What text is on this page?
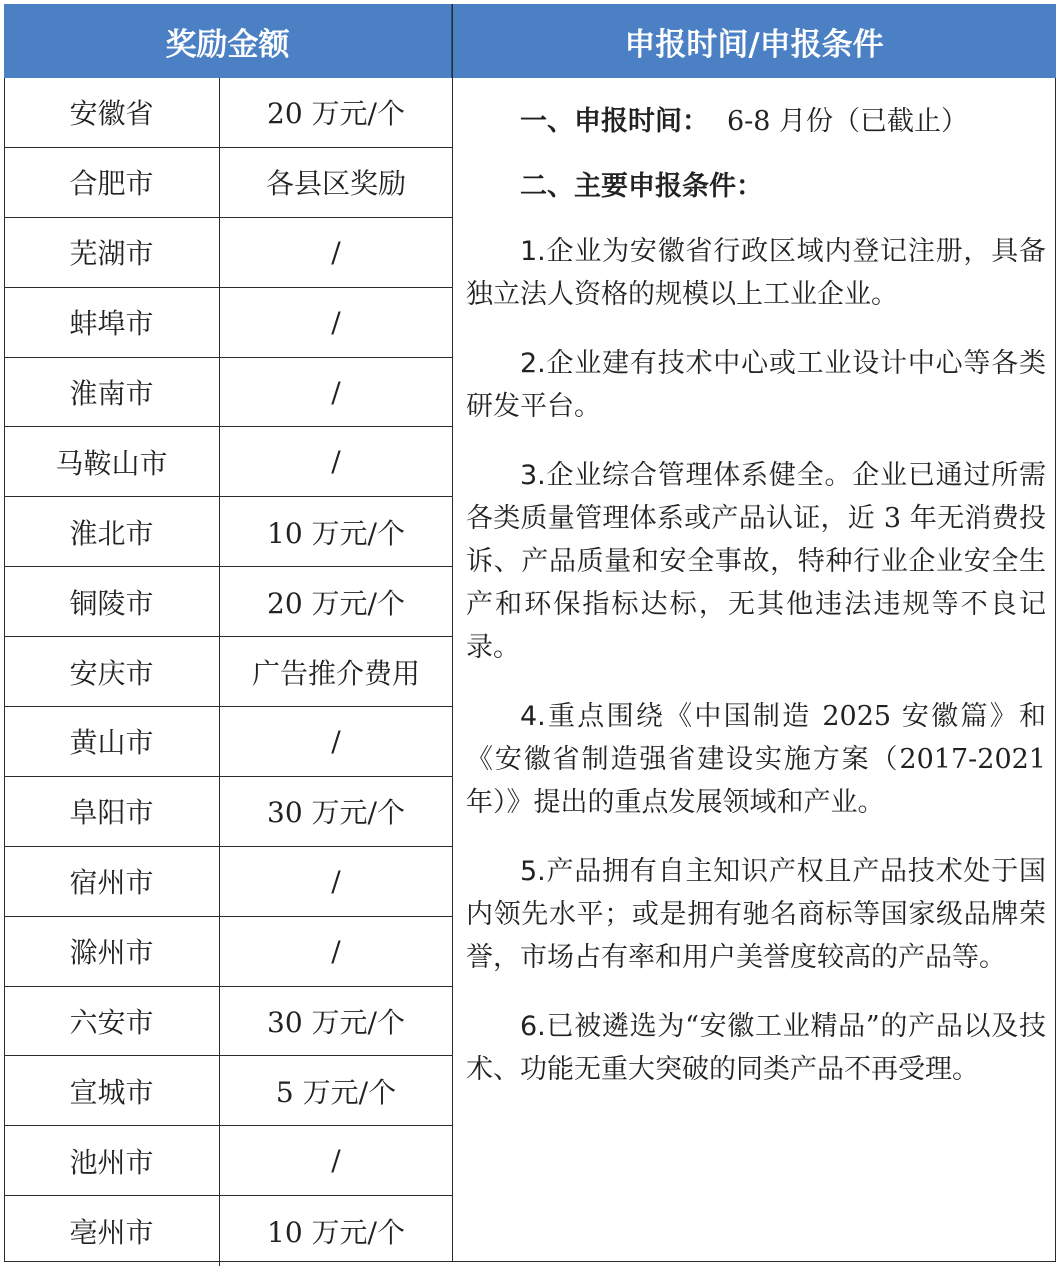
奖励金额	申报时间/申报条件
安徽省	20 万元/个
合肥市	各县区奖励
芜湖市	/
蚌埠市	/
淮南市	/
马鞍山市	/
淮北市	10 万元/个
铜陵市	20 万元/个
安庆市	广告推介费用
黄山市	/
阜阳市	30 万元/个
宿州市	/
滁州市	/
六安市	30 万元/个
宣城市	5 万元/个
池州市	/
亳州市	10 万元/个

一、申报时间： 6-8 月份（已截止）

二、主要申报条件：

1.企业为安徽省行政区域内登记注册，具备独立法人资格的规模以上工业企业。

2.企业建有技术中心或工业设计中心等各类研发平台。

3.企业综合管理体系健全。企业已通过所需各类质量管理体系或产品认证，近 3 年无消费投诉、产品质量和安全事故，特种行业企业安全生产和环保指标达标，无其他违法违规等不良记录。

4.重点围绕《中国制造 2025 安徽篇》和《安徽省制造强省建设实施方案（2017-2021 年）》提出的重点发展领域和产业。

5.产品拥有自主知识产权且产品技术处于国内领先水平；或是拥有驰名商标等国家级品牌荣誉，市场占有率和用户美誉度较高的产品等。

6.已被遴选为“安徽工业精品”的产品以及技术、功能无重大突破的同类产品不再受理。
